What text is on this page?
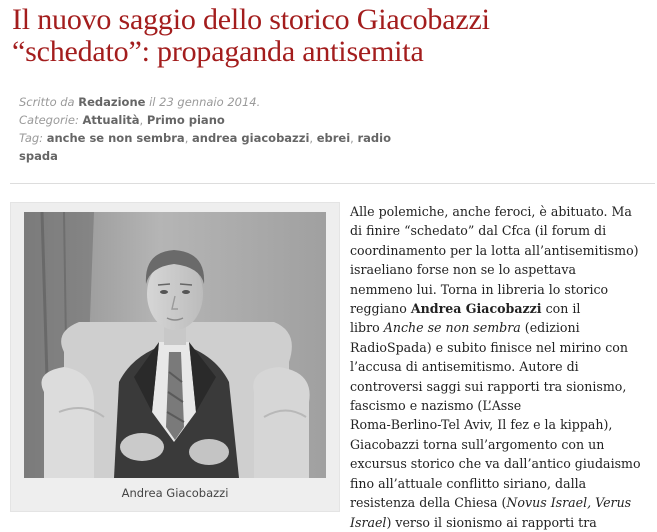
Il nuovo saggio dello storico Giacobazzi
“schedato”: propaganda antisemita
Scritto da Redazione il 23 gennaio 2014.
Categorie: Attualità, Primo piano
Tag: anche se non sembra, andrea giacobazzi, ebrei, radio
spada
Andrea Giacobazzi
Alle polemiche, anche feroci, è abituato. Ma
di finire “schedato” dal Cfca (il forum di
coordinamento per la lotta all’antisemitismo)
israeliano forse non se lo aspettava
nemmeno lui. Torna in libreria lo storico
reggiano Andrea Giacobazzi con il
libro Anche se non sembra (edizioni
RadioSpada) e subito finisce nel mirino con
l’accusa di antisemitismo. Autore di
controversi saggi sui rapporti tra sionismo,
fascismo e nazismo (L’Asse
Roma-Berlino-Tel Aviv, Il fez e la kippah),
Giacobazzi torna sull’argomento con un
excursus storico che va dall’antico giudaismo
fino all’attuale conflitto siriano, dalla
resistenza della Chiesa (Novus Israel, Verus
Israel) verso il sionismo ai rapporti tra
